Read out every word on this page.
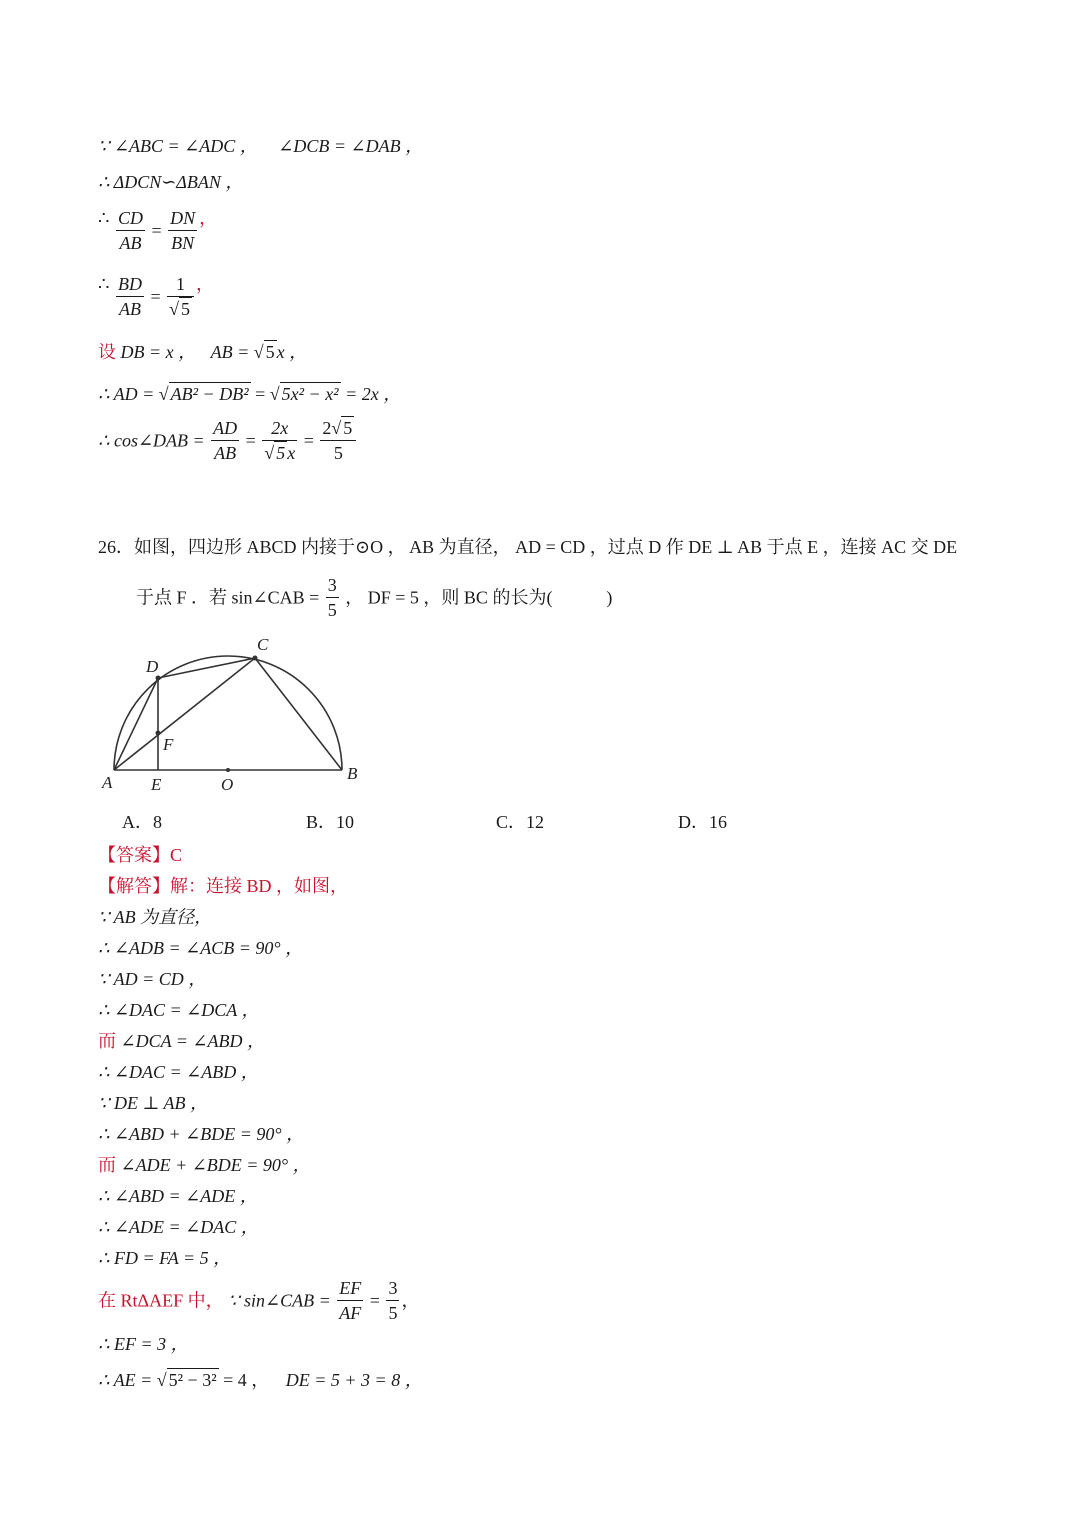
∵ ∠ABC = ∠ADC ， ∠DCB = ∠DAB ，
∴ ΔDCN∽ΔBAN ，
∴ $\frac{CD}{AB} = \frac{DN}{BN}$ ，
∴ $\frac{BD}{AB} = \frac{1}{√ 5}$ ，
设 DB = x ， AB = √ 5 x ，
∴ AD = √ AB² − DB² = √ 5x² − x² = 2x ，
∴ cos∠DAB = $\frac{AD}{AB} = \frac{2x}{√ 5 x} = \frac{2√ 5}{5}$
26．如图，四边形 ABCD 内接于⊙O ， AB 为直径， AD = CD ，过点 D 作 DE ⊥ AB 于点 E ，连接 AC 交 DE
于点 F ．若 sin∠CAB = $\frac{3}{5}$ ， DF = 5 ，则 BC 的长为(　　　)
D
C
F
A E	O
B
A．8	B．10	C．12	D．16
【答案】C
【解答】解：连接 BD ，如图，
∵ AB 为直径，
∴ ∠ADB = ∠ACB = 90° ，
∵ AD = CD ，
∴ ∠DAC = ∠DCA ，
而 ∠DCA = ∠ABD ，
∴ ∠DAC = ∠ABD ，
∵ DE ⊥ AB ，
∴ ∠ABD + ∠BDE = 90° ，
而 ∠ADE + ∠BDE = 90° ，
∴ ∠ABD = ∠ADE ，
∴ ∠ADE = ∠DAC ，
∴ FD = FA = 5 ，
在 RtΔAEF 中， ∵ sin∠CAB = $\frac{EF}{AF} = \frac{3}{5}$ ，
∴ EF = 3 ，
∴ AE = √ 5² − 3² = 4 ， DE = 5 + 3 = 8 ，
